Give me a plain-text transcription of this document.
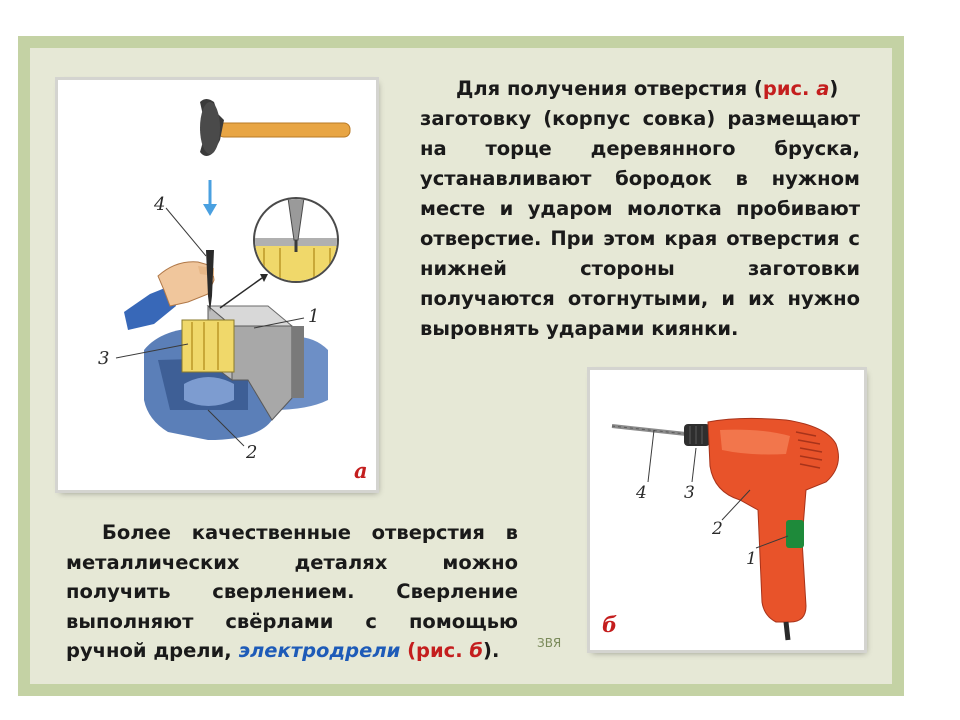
4
1
3
2
а
4 3
2
1
б
Для получения отверстия (рис. а)
заготовку (корпус совка) размещают на торце деревянного бруска, устанавливают бородок в нужном месте и ударом молотка пробивают отверстие. При этом края отверстия с нижней стороны заготовки получаются отогнутыми, и их нужно выровнять ударами киянки.
Более качественные отверстия в металлических деталях можно получить сверлением. Сверление выполняют свёрлами с помощью ручной дрели, электродрели (рис. б).	ЗВЯ
